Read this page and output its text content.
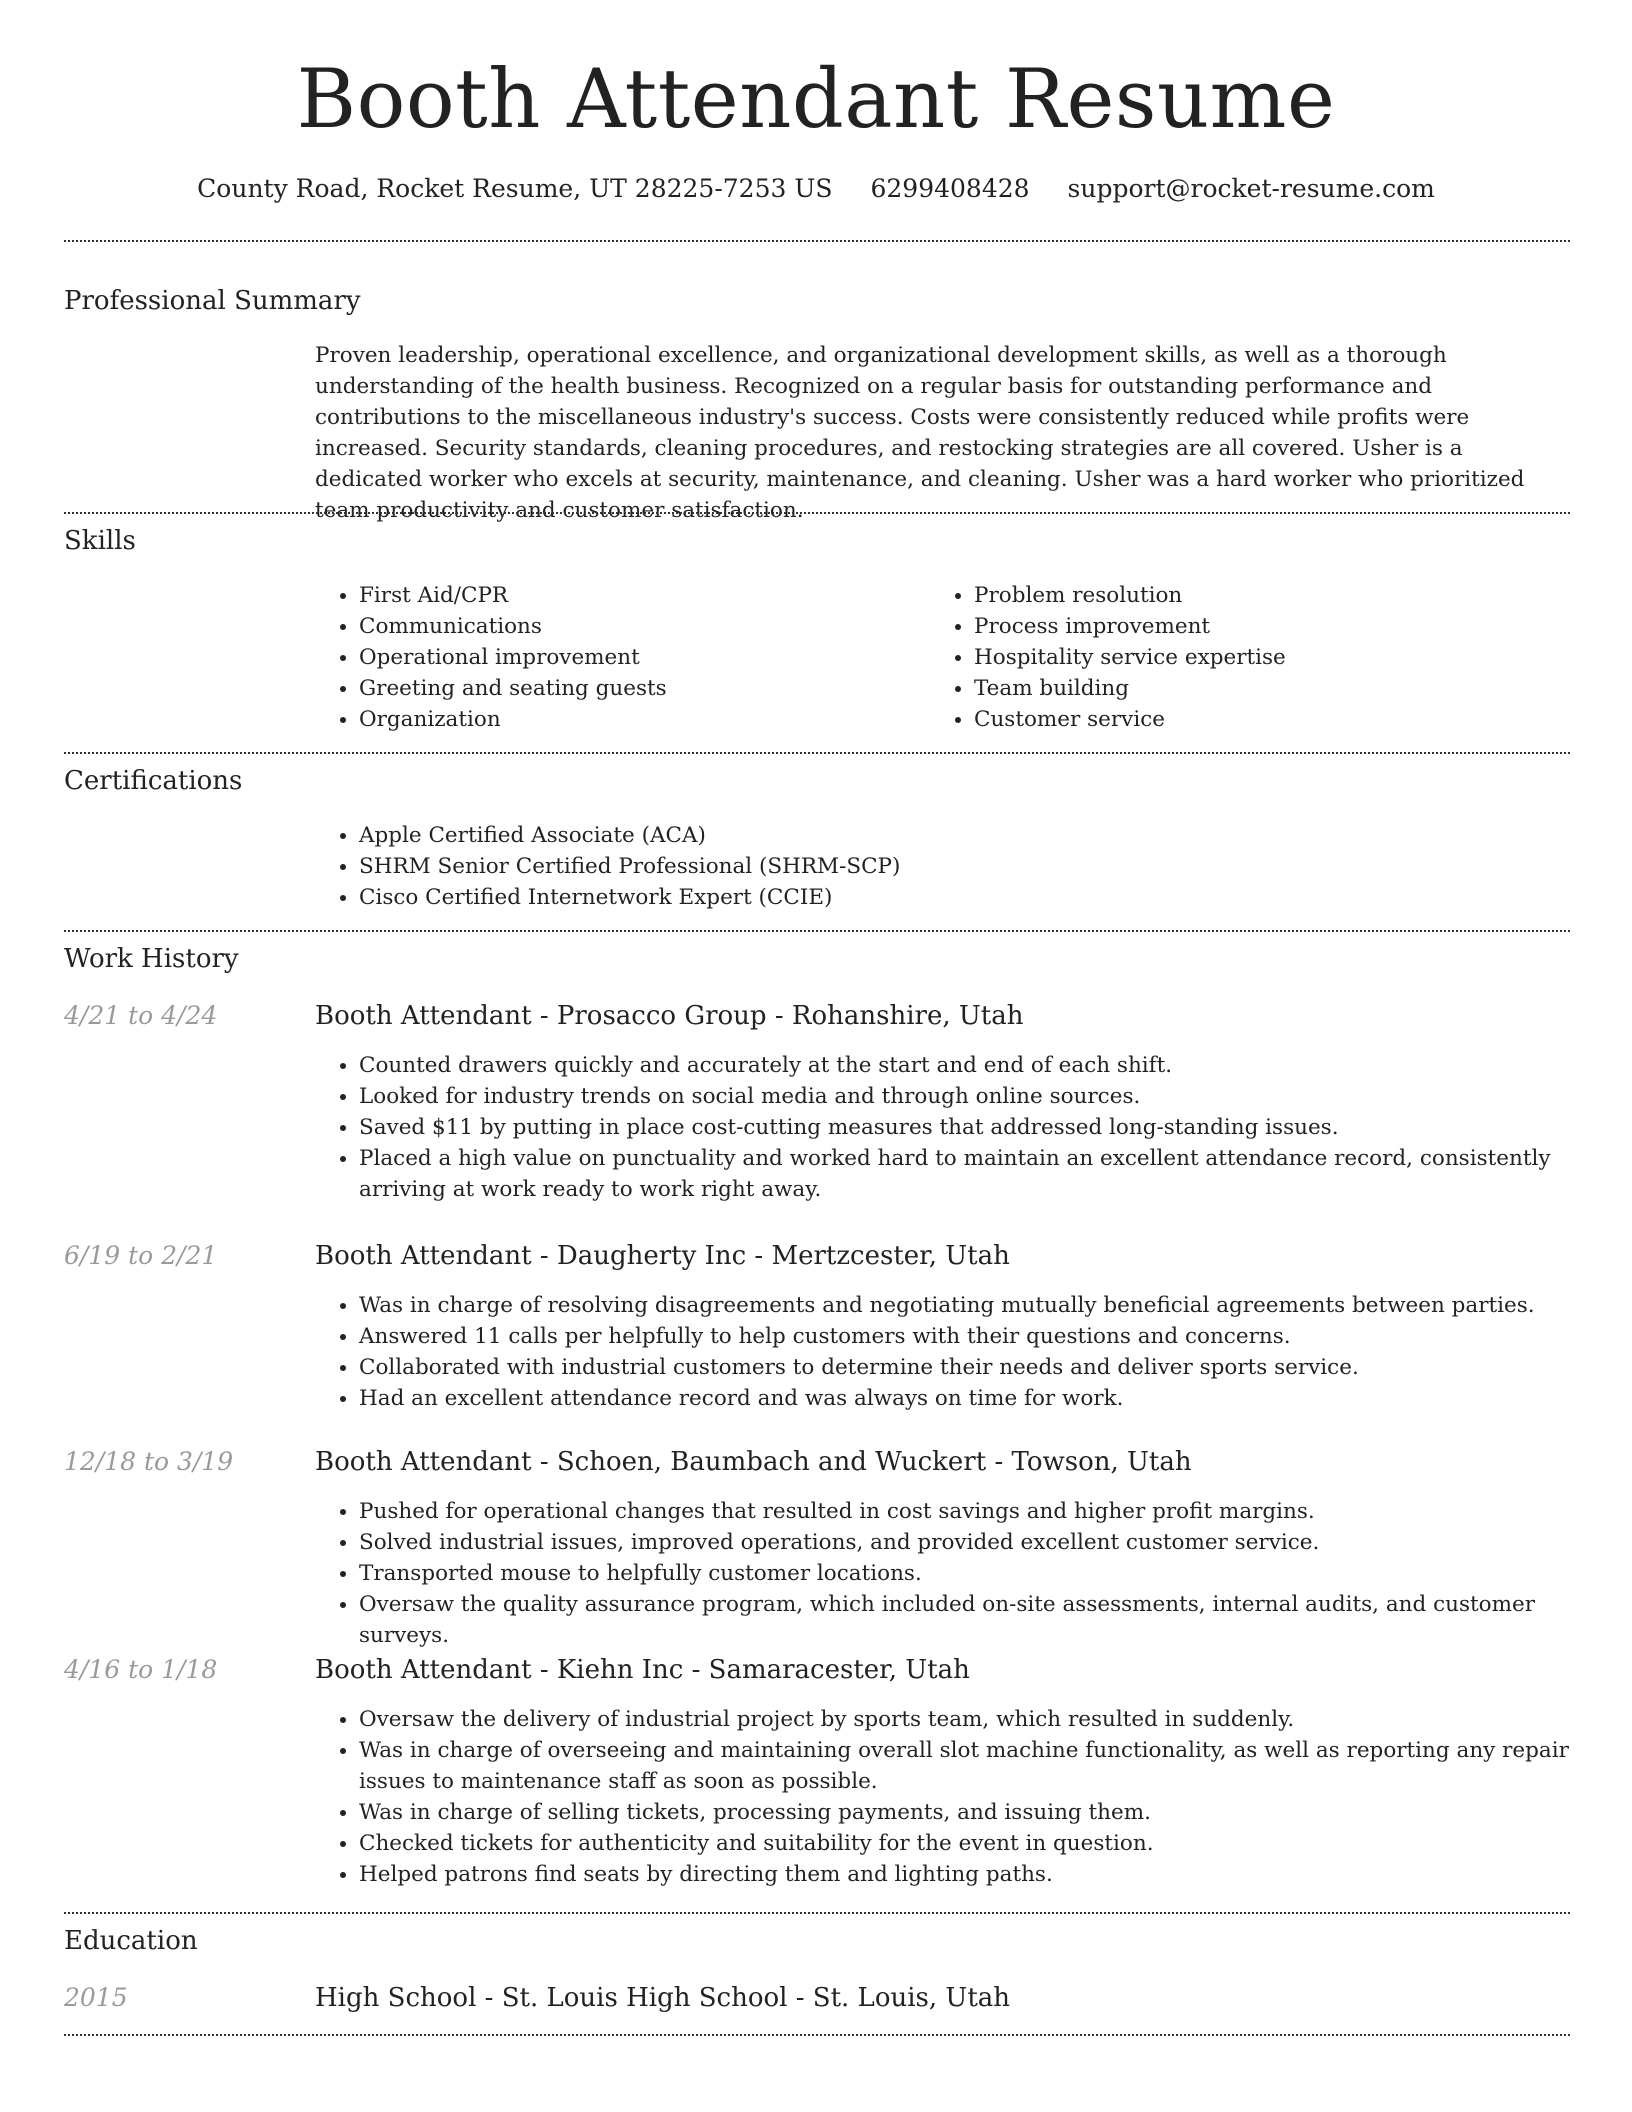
Booth Attendant Resume
County Road, Rocket Resume, UT 28225-7253 US 6299408428 support@rocket-resume.com
Professional Summary
Proven leadership, operational excellence, and organizational development skills, as well as a thorough understanding of the health business. Recognized on a regular basis for outstanding performance and contributions to the miscellaneous industry's success. Costs were consistently reduced while profits were increased. Security standards, cleaning procedures, and restocking strategies are all covered. Usher is a dedicated worker who excels at security, maintenance, and cleaning. Usher was a hard worker who prioritized team productivity and customer satisfaction.
Skills
• First Aid/CPR
• Communications
• Operational improvement
• Greeting and seating guests
• Organization
• Problem resolution
• Process improvement
• Hospitality service expertise
• Team building
• Customer service
Certifications
• Apple Certified Associate (ACA)
• SHRM Senior Certified Professional (SHRM-SCP)
• Cisco Certified Internetwork Expert (CCIE)
Work History
4/21 to 4/24	Booth Attendant - Prosacco Group - Rohanshire, Utah
• Counted drawers quickly and accurately at the start and end of each shift.
• Looked for industry trends on social media and through online sources.
• Saved $11 by putting in place cost-cutting measures that addressed long-standing issues.
• Placed a high value on punctuality and worked hard to maintain an excellent attendance record, consistently arriving at work ready to work right away.
6/19 to 2/21	Booth Attendant - Daugherty Inc - Mertzcester, Utah
• Was in charge of resolving disagreements and negotiating mutually beneficial agreements between parties.
• Answered 11 calls per helpfully to help customers with their questions and concerns.
• Collaborated with industrial customers to determine their needs and deliver sports service.
• Had an excellent attendance record and was always on time for work.
12/18 to 3/19	Booth Attendant - Schoen, Baumbach and Wuckert - Towson, Utah
• Pushed for operational changes that resulted in cost savings and higher profit margins.
• Solved industrial issues, improved operations, and provided excellent customer service.
• Transported mouse to helpfully customer locations.
• Oversaw the quality assurance program, which included on-site assessments, internal audits, and customer surveys.
4/16 to 1/18	Booth Attendant - Kiehn Inc - Samaracester, Utah
• Oversaw the delivery of industrial project by sports team, which resulted in suddenly.
• Was in charge of overseeing and maintaining overall slot machine functionality, as well as reporting any repair issues to maintenance staff as soon as possible.
• Was in charge of selling tickets, processing payments, and issuing them.
• Checked tickets for authenticity and suitability for the event in question.
• Helped patrons find seats by directing them and lighting paths.
Education
2015	High School - St. Louis High School - St. Louis, Utah
